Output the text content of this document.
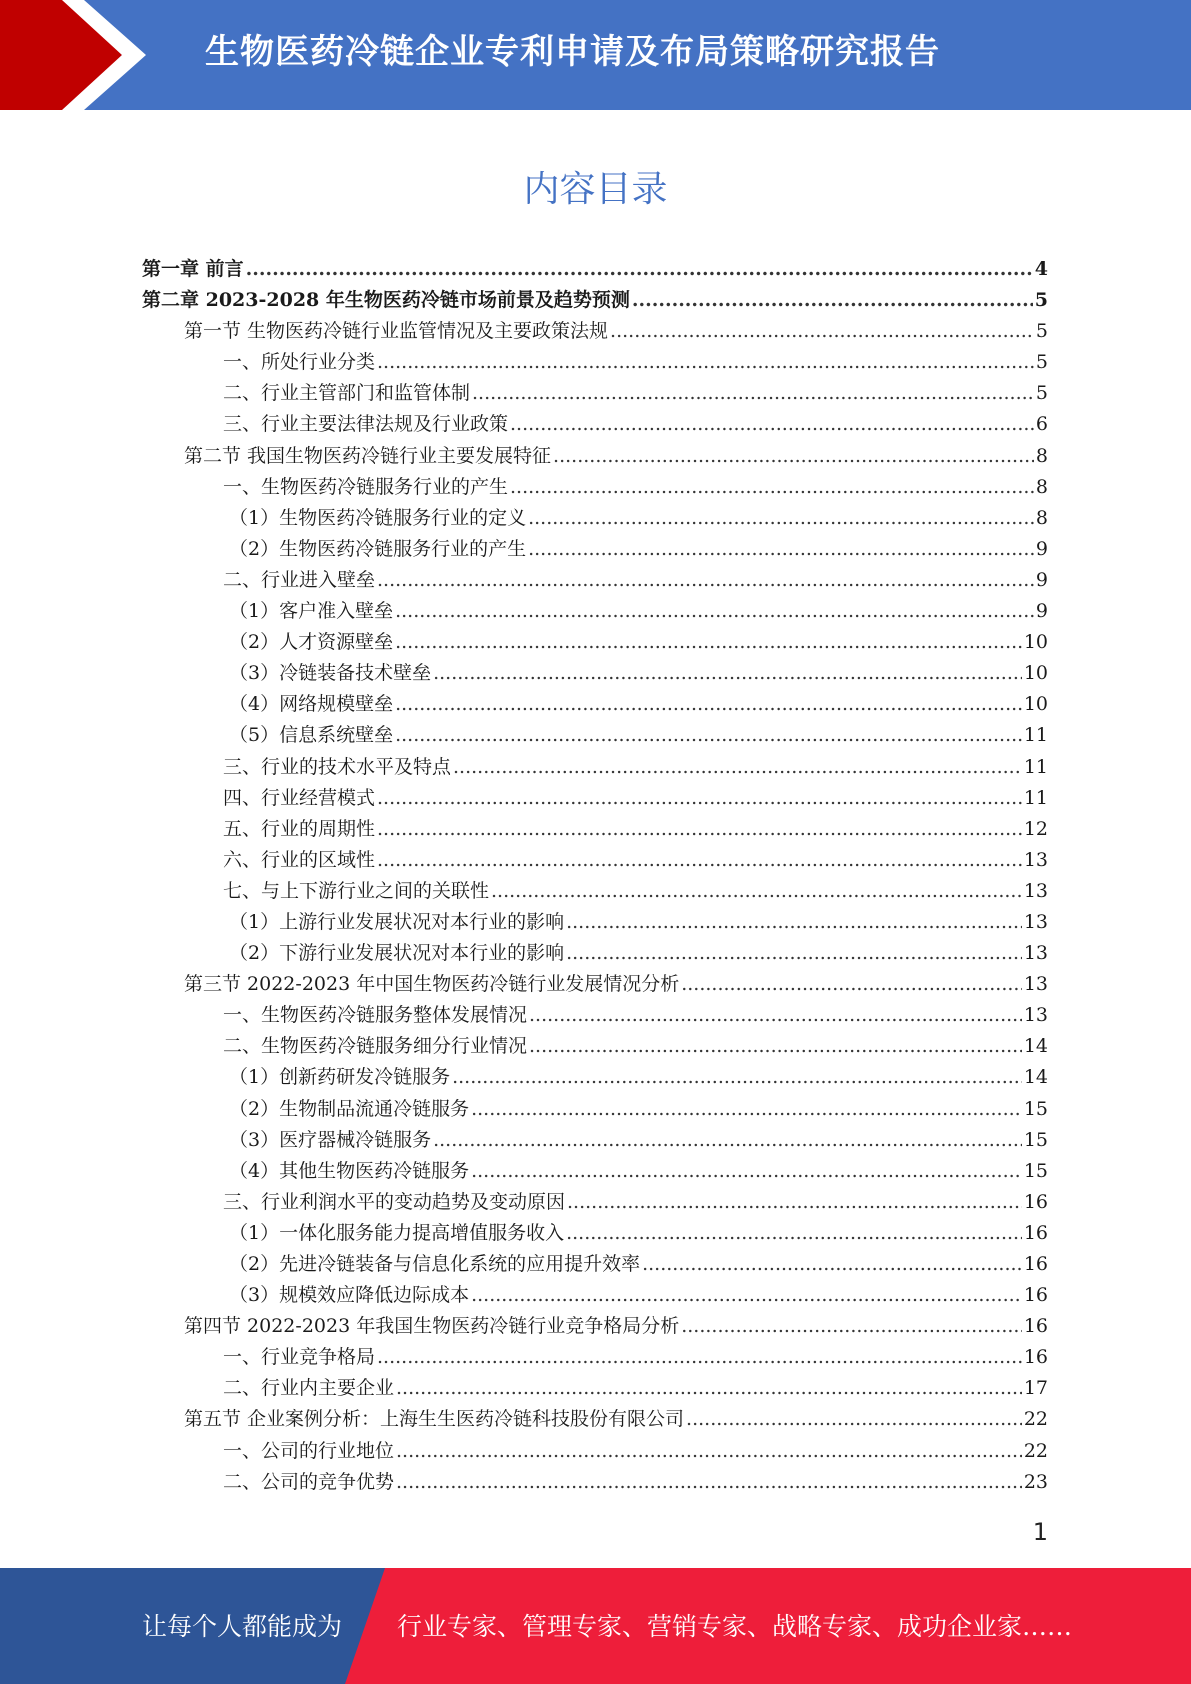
生物医药冷链企业专利申请及布局策略研究报告
内容目录
第一章 前言 .....	4
第二章 2023-2028 年生物医药冷链市场前景及趋势预测 .....	5
第一节 生物医药冷链行业监管情况及主要政策法规 .....	5
一、所处行业分类 .....	5
二、行业主管部门和监管体制 .....	5
三、行业主要法律法规及行业政策 .....	6
第二节 我国生物医药冷链行业主要发展特征 .....	8
一、生物医药冷链服务行业的产生 .....	8
（1）生物医药冷链服务行业的定义 .....	8
（2）生物医药冷链服务行业的产生 .....	9
二、行业进入壁垒 .....	9
（1）客户准入壁垒 .....	9
（2）人才资源壁垒 .....	10
（3）冷链装备技术壁垒 .....	10
（4）网络规模壁垒 .....	10
（5）信息系统壁垒 .....	11
三、行业的技术水平及特点 .....	11
四、行业经营模式 .....	11
五、行业的周期性 .....	12
六、行业的区域性 .....	13
七、与上下游行业之间的关联性 .....	13
（1）上游行业发展状况对本行业的影响 .....	13
（2）下游行业发展状况对本行业的影响 .....	13
第三节 2022-2023 年中国生物医药冷链行业发展情况分析 .....	13
一、生物医药冷链服务整体发展情况 .....	13
二、生物医药冷链服务细分行业情况 .....	14
（1）创新药研发冷链服务 .....	14
（2）生物制品流通冷链服务 .....	15
（3）医疗器械冷链服务 .....	15
（4）其他生物医药冷链服务 .....	15
三、行业利润水平的变动趋势及变动原因 .....	16
（1）一体化服务能力提高增值服务收入 .....	16
（2）先进冷链装备与信息化系统的应用提升效率 .....	16
（3）规模效应降低边际成本 .....	16
第四节 2022-2023 年我国生物医药冷链行业竞争格局分析 .....	16
一、行业竞争格局 .....	16
二、行业内主要企业 .....	17
第五节 企业案例分析：上海生生医药冷链科技股份有限公司 .....	22
一、公司的行业地位 .....	22
二、公司的竞争优势 .....	23
1
让每个人都能成为 行业专家、管理专家、营销专家、战略专家、成功企业家……
